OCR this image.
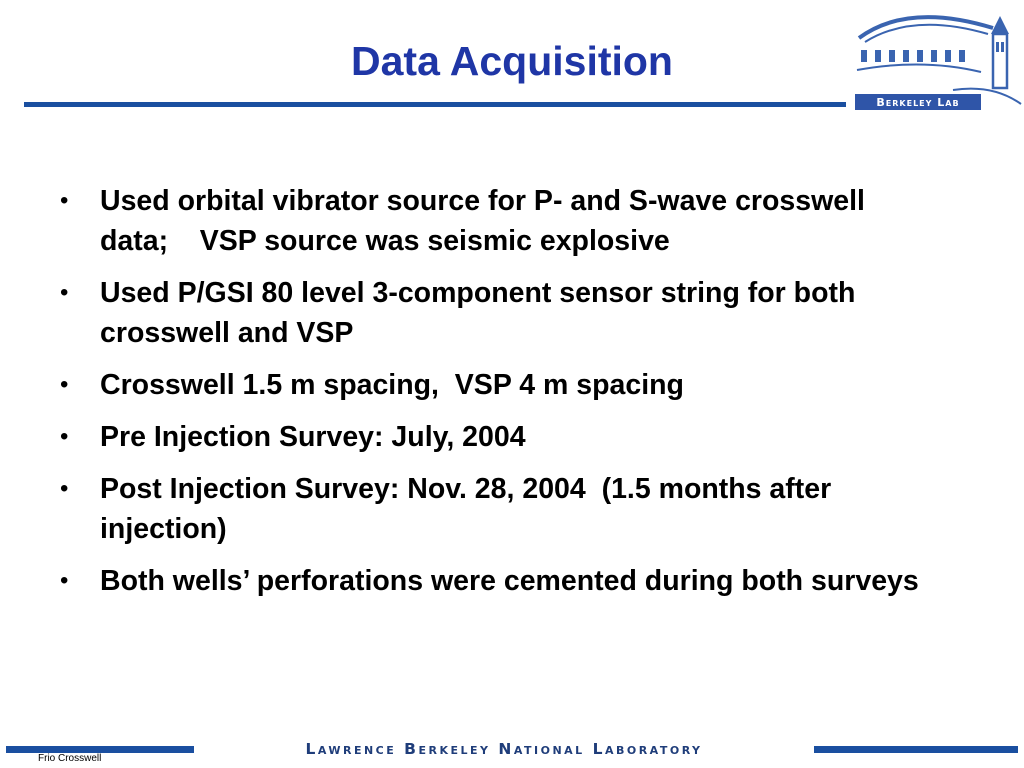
Data Acquisition
Berkeley Lab
• Used orbital vibrator source for P- and S-wave crosswell data;    VSP source was seismic explosive
• Used P/GSI 80 level 3-component sensor string for both crosswell and VSP
• Crosswell 1.5 m spacing,  VSP 4 m spacing
• Pre Injection Survey: July, 2004
• Post Injection Survey: Nov. 28, 2004  (1.5 months after injection)
• Both wells’ perforations were cemented during both surveys
Lawrence Berkeley National Laboratory
Frio Crosswell
